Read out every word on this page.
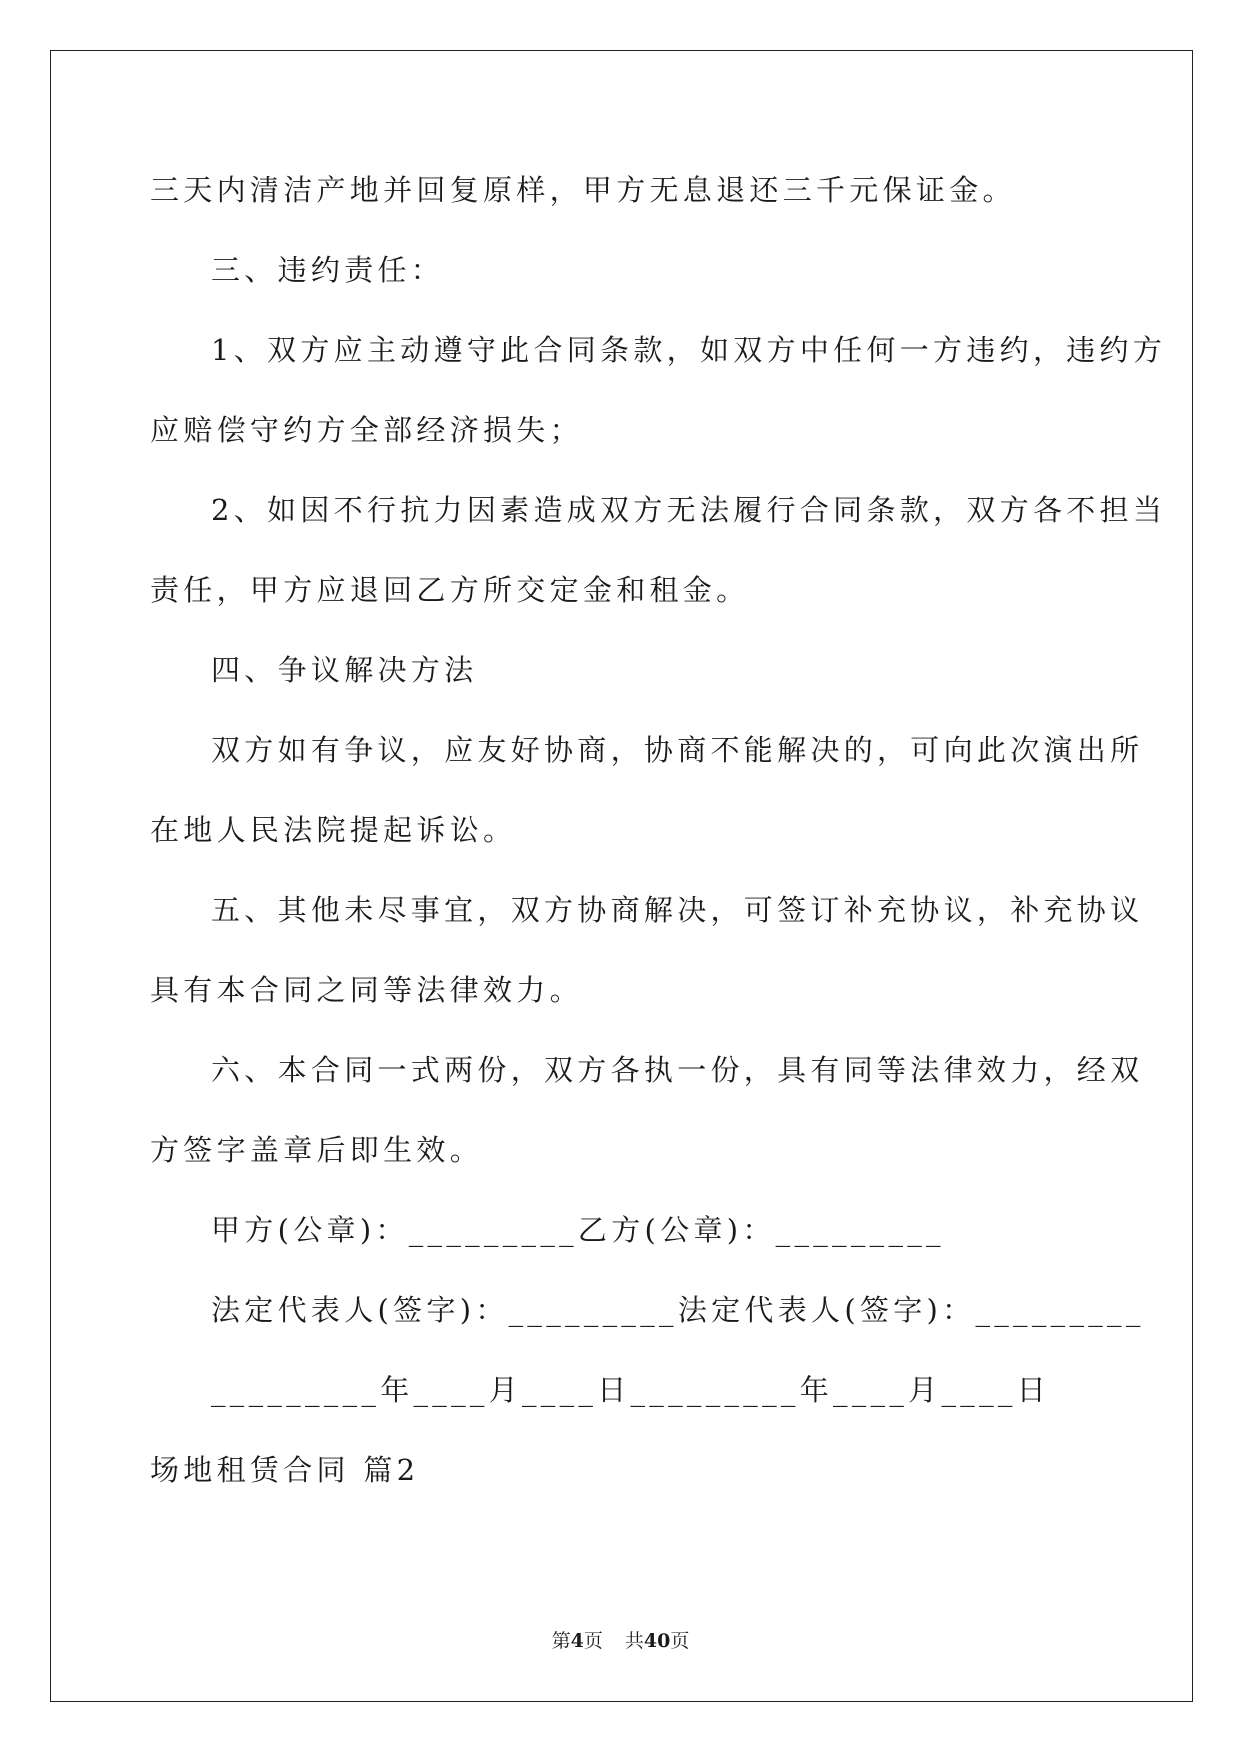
三天内清洁产地并回复原样，甲方无息退还三千元保证金。
三、违约责任：
1、双方应主动遵守此合同条款，如双方中任何一方违约，违约方
应赔偿守约方全部经济损失；
2、如因不行抗力因素造成双方无法履行合同条款，双方各不担当
责任，甲方应退回乙方所交定金和租金。
四、争议解决方法
双方如有争议，应友好协商，协商不能解决的，可向此次演出所
在地人民法院提起诉讼。
五、其他未尽事宜，双方协商解决，可签订补充协议，补充协议
具有本合同之同等法律效力。
六、本合同一式两份，双方各执一份，具有同等法律效力，经双
方签字盖章后即生效。
甲方(公章)：_________乙方(公章)：_________
法定代表人(签字)：_________法定代表人(签字)：_________
_________年____月____日_________年____月____日
场地租赁合同 篇2
第4页 共40页
